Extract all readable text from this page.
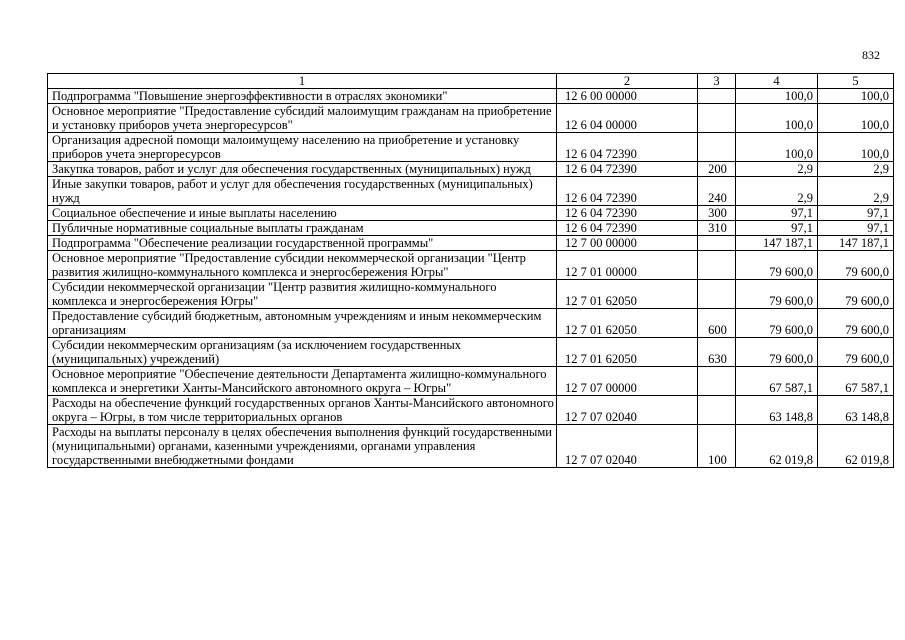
832
1	2	3	4	5
Подпрограмма "Повышение энергоэффективности в отраслях экономики"	12 6 00 00000		100,0	100,0
Основное мероприятие "Предоставление субсидий малоимущим гражданам на приобретение и установку приборов учета энергоресурсов"	12 6 04 00000		100,0	100,0
Организация адресной помощи малоимущему населению на приобретение и установку приборов учета энергоресурсов	12 6 04 72390		100,0	100,0
Закупка товаров, работ и услуг для обеспечения государственных (муниципальных) нужд	12 6 04 72390	200	2,9	2,9
Иные закупки товаров, работ и услуг для обеспечения государственных (муниципальных) нужд	12 6 04 72390	240	2,9	2,9
Социальное обеспечение и иные выплаты населению	12 6 04 72390	300	97,1	97,1
Публичные нормативные социальные выплаты гражданам	12 6 04 72390	310	97,1	97,1
Подпрограмма "Обеспечение реализации государственной программы"	12 7 00 00000		147 187,1	147 187,1
Основное мероприятие "Предоставление субсидии некоммерческой организации "Центр развития жилищно-коммунального комплекса и энергосбережения Югры"	12 7 01 00000		79 600,0	79 600,0
Субсидии некоммерческой организации "Центр развития жилищно-коммунального комплекса и энергосбережения Югры"	12 7 01 62050		79 600,0	79 600,0
Предоставление субсидий бюджетным, автономным учреждениям и иным некоммерческим организациям	12 7 01 62050	600	79 600,0	79 600,0
Субсидии некоммерческим организациям (за исключением государственных (муниципальных) учреждений)	12 7 01 62050	630	79 600,0	79 600,0
Основное мероприятие "Обеспечение деятельности Департамента жилищно-коммунального комплекса и энергетики Ханты-Мансийского автономного округа – Югры"	12 7 07 00000		67 587,1	67 587,1
Расходы на обеспечение функций государственных органов Ханты-Мансийского автономного округа – Югры, в том числе территориальных органов	12 7 07 02040		63 148,8	63 148,8
Расходы на выплаты персоналу в целях обеспечения выполнения функций государственными (муниципальными) органами, казенными учреждениями, органами управления государственными внебюджетными фондами	12 7 07 02040	100	62 019,8	62 019,8
